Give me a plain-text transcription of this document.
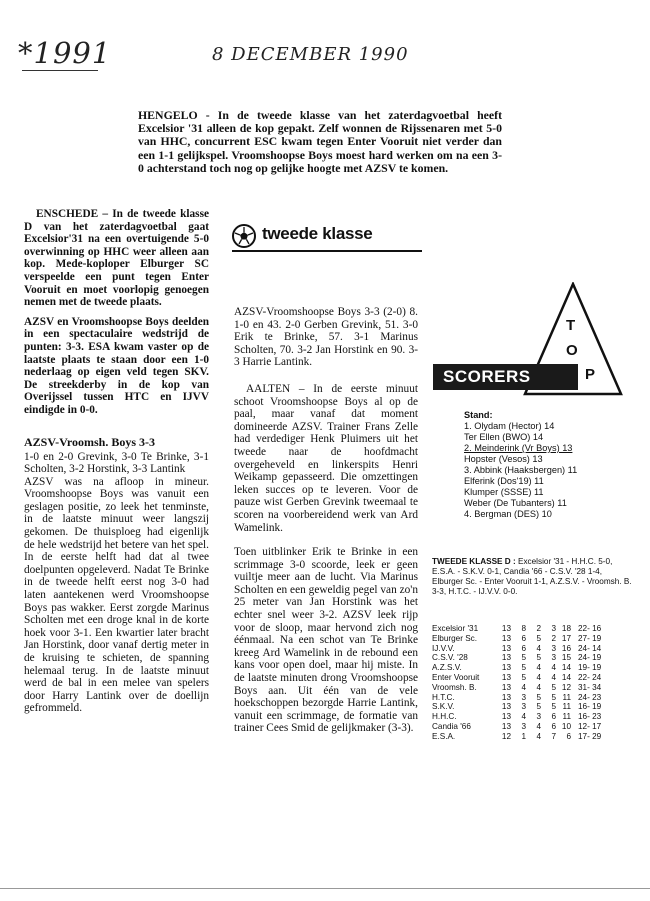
*1991	8 DECEMBER 1990

HENGELO - In de tweede klasse van het zaterdagvoetbal heeft Excelsior '31 alleen de kop gepakt. Zelf wonnen de Rijssenaren met 5-0 van HHC, concurrent ESC kwam tegen Enter Vooruit niet verder dan een 1-1 gelijkspel. Vroomshoopse Boys moest hard werken om na een 3-0 achterstand toch nog op gelijke hoogte met AZSV te komen.

ENSCHEDE – In de tweede klasse D van het zaterdagvoetbal gaat Excelsior'31 na een overtuigende 5-0 overwinning op HHC weer alleen aan kop. Mede-koploper Elburger SC verspeelde een punt tegen Enter Vooruit en moet voorlopig genoegen nemen met de tweede plaats.

AZSV en Vroomshoopse Boys deelden in een spectaculaire wedstrijd de punten: 3-3. ESA kwam vaster op de laatste plaats te staan door een 1-0 nederlaag op eigen veld tegen SKV. De streekderby in de kop van Overijssel tussen HTC en IJVV eindigde in 0-0.

AZSV-Vroomsh. Boys 3-3

1-0 en 2-0 Grevink, 3-0 Te Brinke, 3-1 Scholten, 3-2 Horstink, 3-3 Lantink

AZSV was na afloop in mineur. Vroomshoopse Boys was vanuit een geslagen positie, zo leek het tenminste, in de laatste minuut weer langszij gekomen. De thuisploeg had eigenlijk de hele wedstrijd het betere van het spel. In de eerste helft had dat al twee doelpunten opgeleverd. Nadat Te Brinke in de tweede helft eerst nog 3-0 had laten aantekenen werd Vroomshoopse Boys pas wakker. Eerst zorgde Marinus Scholten met een droge knal in de korte hoek voor 3-1. Een kwartier later bracht Jan Horstink, door vanaf dertig meter in de kruising te schieten, de spanning helemaal terug. In de laatste minuut werd de bal in een melee van spelers door Harry Lantink over de doellijn gefrommeld.

tweede klasse

AZSV-Vroomshoopse Boys 3-3 (2-0) 8. 1-0 en 43. 2-0 Gerben Grevink, 51. 3-0 Erik te Brinke, 57. 3-1 Marinus Scholten, 70. 3-2 Jan Horstink en 90. 3-3 Harrie Lantink.

AALTEN – In de eerste minuut schoot Vroomshoopse Boys al op de paal, maar vanaf dat moment domineerde AZSV. Trainer Frans Zelle had verdediger Henk Pluimers uit het tweede naar de hoofdmacht overgeheveld en linkerspits Henri Weikamp gepasseerd. Die omzettingen leken succes op te leveren. Voor de pauze wist Gerben Grevink tweemaal te scoren na voorbereidend werk van Ard Wamelink.

Toen uitblinker Erik te Brinke in een scrimmage 3-0 scoorde, leek er geen vuiltje meer aan de lucht. Via Marinus Scholten en een geweldig pegel van zo'n 25 meter van Jan Horstink was het echter snel weer 3-2. AZSV leek rijp voor de sloop, maar hervond zich nog éénmaal. Na een schot van Te Brinke kreeg Ard Wamelink in de rebound een kans voor open doel, maar hij miste. In de laatste minuten drong Vroomshoopse Boys aan. Uit één van de vele hoekschoppen bezorgde Harrie Lantink, vanuit een scrimmage, de formatie van trainer Cees Smid de gelijkmaker (3-3).

SCORERS
T
O
P
Stand:
1. Olydam (Hector) 14
Ter Ellen (BWO) 14
2. Meinderink (Vr Boys) 13
Hopster (Vesos) 13
3. Abbink (Haaksbergen) 11
Elferink (Dos'19) 11
Klumper (SSSE) 11
Weber (De Tubanters) 11
4. Bergman (DES) 10
TWEEDE KLASSE D : Excelsior '31 - H.H.C. 5-0, E.S.A. - S.K.V. 0-1, Candia '66 - C.S.V. '28 1-4, Elburger Sc. - Enter Vooruit 1-1, A.Z.S.V. - Vroomsh. B. 3-3, H.T.C. - IJ.V.V. 0-0.
Excelsior '31	13	8	2	3	18	22- 16
Elburger Sc.	13	6	5	2	17	27- 19
IJ.V.V.	13	6	4	3	16	24- 14
C.S.V. '28	13	5	5	3	15	24- 19
A.Z.S.V.	13	5	4	4	14	19- 19
Enter Vooruit	13	5	4	4	14	22- 24
Vroomsh. B.	13	4	4	5	12	31- 34
H.T.C.	13	3	5	5	11	24- 23
S.K.V.	13	3	5	5	11	16- 19
H.H.C.	13	4	3	6	11	16- 23
Candia '66	13	3	4	6	10	12- 17
E.S.A.	12	1	4	7	6	17- 29
